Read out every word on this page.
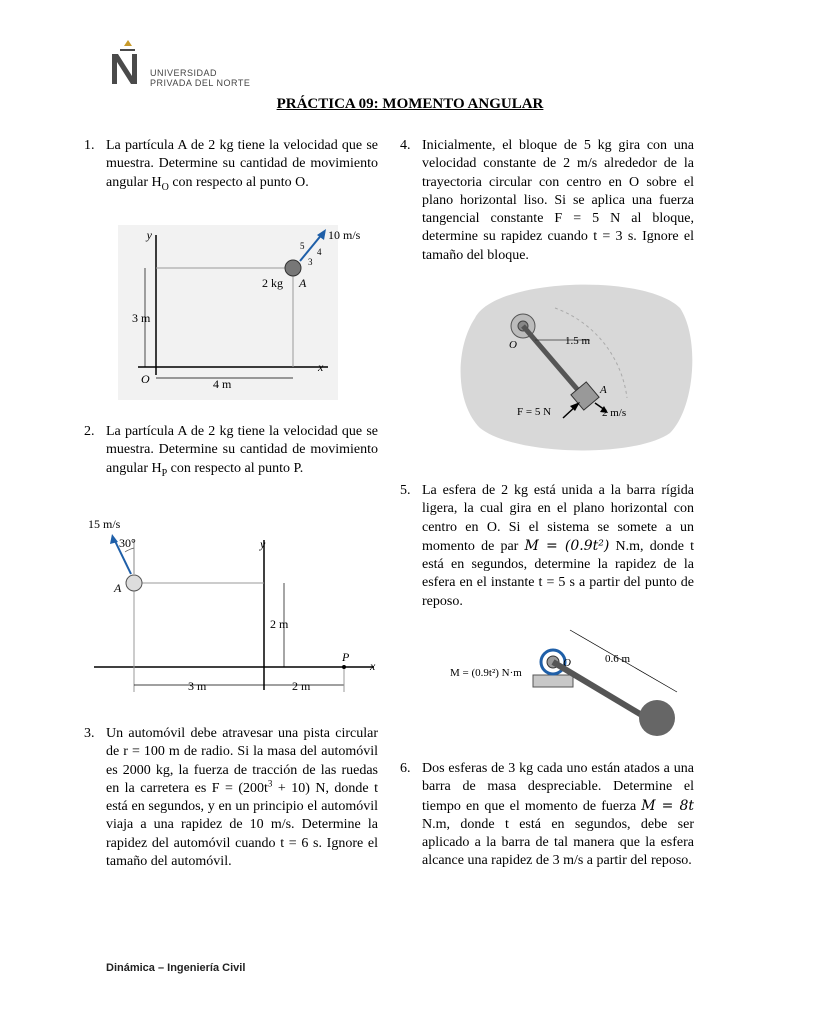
UNIVERSIDAD
PRIVADA DEL NORTE
PRÁCTICA 09: MOMENTO ANGULAR
1. La partícula A de 2 kg tiene la velocidad que se muestra. Determine su cantidad de movimiento angular $H_O$ con respecto al punto O.
y
x
O
A
2 kg
10 m/s
5
4
3
3 m
4 m
2. La partícula A de 2 kg tiene la velocidad que se muestra. Determine su cantidad de movimiento angular $H_P$ con respecto al punto P.
15 m/s
30°
A
y
x
P
2 m
3 m	2 m
3. Un automóvil debe atravesar una pista circular de r = 100 m de radio. Si la masa del automóvil es 2000 kg, la fuerza de tracción de las ruedas en la carretera es $F = (200t^3 + 10)$ N, donde t está en segundos, y en un principio el automóvil viaja a una rapidez de 10 m/s. Determine la rapidez del automóvil cuando t = 6 s. Ignore el tamaño del automóvil.
4. Inicialmente, el bloque de 5 kg gira con una velocidad constante de 2 m/s alrededor de la trayectoria circular con centro en O sobre el plano horizontal liso. Si se aplica una fuerza tangencial constante F = 5 N al bloque, determine su rapidez cuando t = 3 s. Ignore el tamaño del bloque.
O	1.5 m
F = 5 N
A
2 m/s
5. La esfera de 2 kg está unida a la barra rígida ligera, la cual gira en el plano horizontal con centro en O. Si el sistema se somete a un momento de par M = (0.9t²) N.m, donde t está en segundos, determine la rapidez de la esfera en el instante t = 5 s a partir del punto de reposo.
M = (0.9t²) N·m
O	0.6 m
6. Dos esferas de 3 kg cada uno están atados a una barra de masa despreciable. Determine el tiempo en que el momento de fuerza M = 8t N.m, donde t está en segundos, debe ser aplicado a la barra de tal manera que la esfera alcance una rapidez de 3 m/s a partir del reposo.
Dinámica – Ingeniería Civil
